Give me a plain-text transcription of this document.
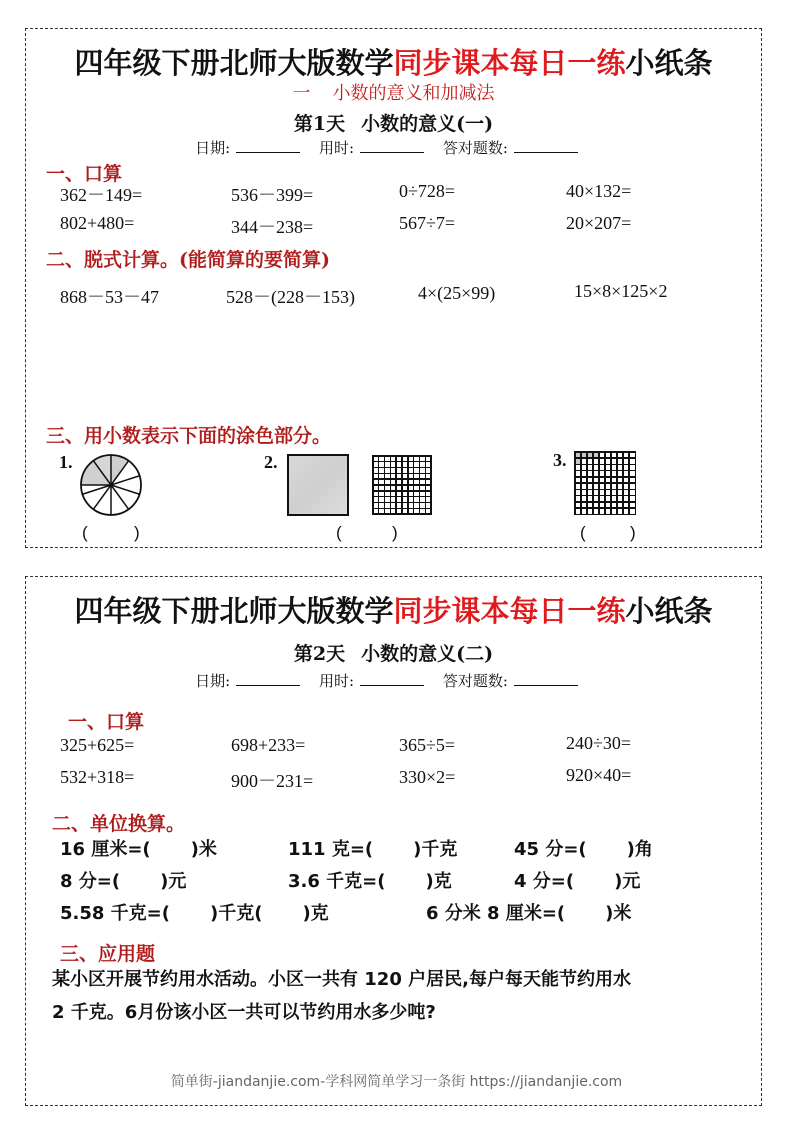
四年级下册北师大版数学同步课本每日一练小纸条
一 小数的意义和加减法
第1天 小数的意义(一)
日期:	用时:	答对题数:
一、口算
362－149=	536－399=	0÷728=	40×132=
802+480=	344－238=	567÷7=	20×207=
二、脱式计算。(能简算的要简算)
868－53－47	528－(228－153)	4×(25×99)	15×8×125×2
三、用小数表示下面的涂色部分。
1.
(	)
2.
(	)
3.
(	)
四年级下册北师大版数学同步课本每日一练小纸条
第2天 小数的意义(二)
日期:	用时:	答对题数:
一、口算
325+625=	698+233=	365÷5=	240÷30=
532+318=	900－231=	330×2=	920×40=
二、单位换算。
16 厘米=( )米	111 克=( )千克	45 分=( )角
8 分=( )元	3.6 千克=( )克	4 分=( )元
5.58 千克=( )千克( )克	6 分米 8 厘米=( )米
三、应用题
某小区开展节约用水活动。小区一共有 120 户居民,每户每天能节约用水
2 千克。6月份该小区一共可以节约用水多少吨?
简单街-jiandanjie.com-学科网简单学习一条街 https://jiandanjie.com
